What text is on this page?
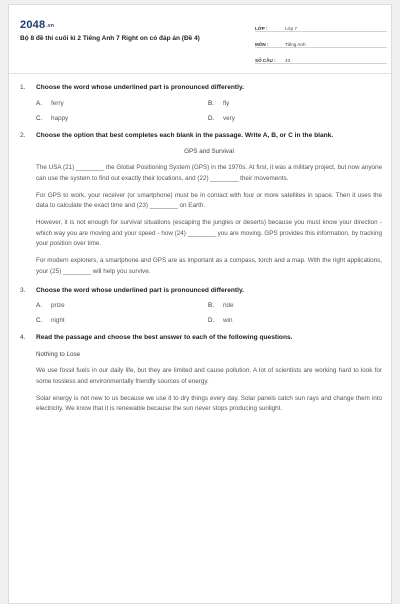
$2048^{.vn}$
Bộ 8 đề thi cuối kì 2 Tiếng Anh 7 Right on có đáp án (Đề 4)
LỚP :	Lớp 7
MÔN :	Tiếng Anh
SỐ CÂU :	43
1.	Choose the word whose underlined part is pronounced differently.
A.	ferry	B.	fly
C.	happy	D.	very
2.	Choose the option that best completes each blank in the passage. Write A, B, or C in the blank.
GPS and Survival

The USA (21) ________ the Global Positioning System (GPS) in the 1970s. At first, it was a military project, but now anyone can use the system to find out exactly their locations, and (22) ________ their movements.

For GPS to work, your receiver (or smartphone) must be in contact with four or more satellites in space. Then it uses the data to calculate the exact time and (23) ________ on Earth.

However, it is not enough for survival situations (escaping the jungles or deserts) because you must know your direction - which way you are moving and your speed - how (24) ________ you are moving. GPS provides this information, by tracking your position over time.

For modern explorers, a smartphone and GPS are as important as a compass, torch and a map. With the right applications, your (25) ________ will help you survive.

3.	Choose the word whose underlined part is pronounced differently.
A.	prize	B.	ride
C.	night	D.	win
4.	Read the passage and choose the best answer to each of the following questions.
Nothing to Lose

We use fossil fuels in our daily life, but they are limited and cause pollution. A lot of scientists are working hard to look for some lossless and environmentally friendly sources of energy.

Solar energy is not new to us because we use it to dry things every day. Solar panels catch sun rays and change them into electricity. We know that it is renewable because the sun never stops producing sunlight.
